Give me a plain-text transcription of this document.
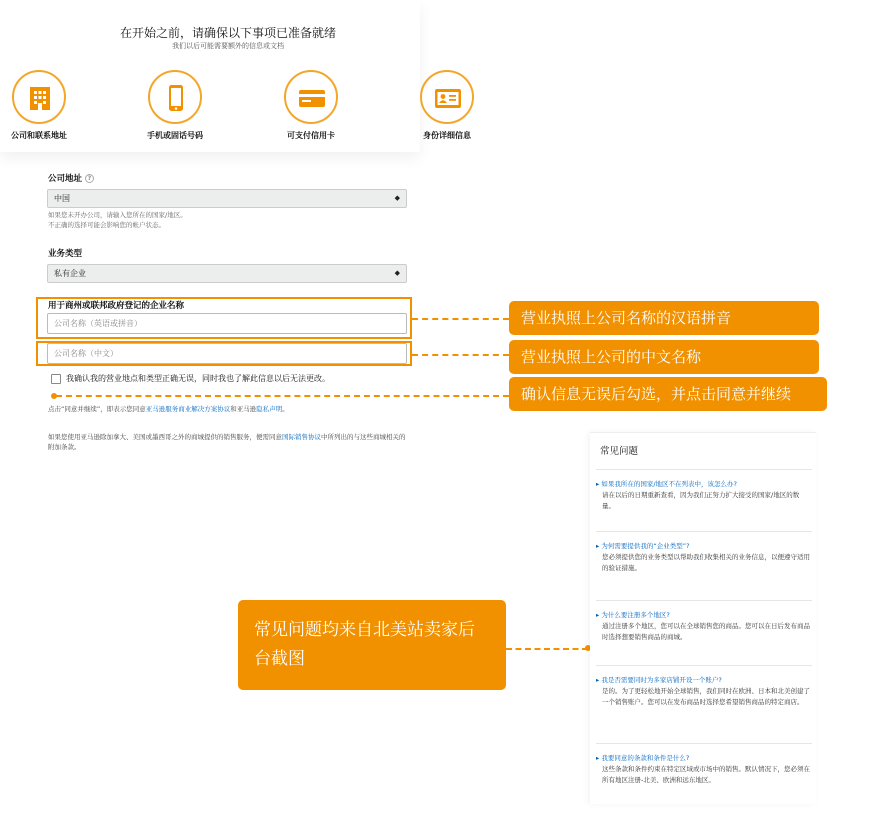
在开始之前，请确保以下事项已准备就绪
我们以后可能需要额外的信息或文档
公司和联系地址	手机或固话号码	可支付信用卡	身份详细信息
公司地址 ?
中国	◆
如果您未开办公司，请输入您所在的国家/地区。
不正确的选择可能会影响您的帐户状态。
业务类型
私有企业	◆
用于商州或联邦政府登记的企业名称
公司名称（英语或拼音）
公司名称（中文）
我确认我的营业地点和类型正确无误，同时我也了解此信息以后无法更改。
点击“同意并继续”，即表示您同意亚马逊服务商业解决方案协议和亚马逊隐私声明。
如果您使用亚马逊除加拿大、美国或墨西哥之外的商城提供的销售服务，便需同意国际销售协议中所列出的与这些商城相关的附加条款。
营业执照上公司名称的汉语拼音
营业执照上公司的中文名称
确认信息无误后勾选，并点击同意并继续
常见问题均来自北美站卖家后台截图
常见问题
▸ 如果我所在的国家/地区不在列表中，该怎么办?
请在以后的日期重新查看，因为我们正努力扩大接受的国家/地区的数量。
▸ 为何需要提供我的“企业类型”?
您必须提供您的业务类型以帮助我们收集相关的业务信息，以便遵守适用的验证措施。
▸ 为什么要注册多个地区?
通过注册多个地区，您可以在全球销售您的商品。您可以在日后发布商品时选择想要销售商品的商城。
▸ 我是否需要同时为多家店铺开设一个账户?
是的。为了更轻松地开始全球销售，我们同时在欧洲、日本和北美创建了一个销售账户。您可以在发布商品时选择您希望销售商品的特定商店。
▸ 我要同意的条款和条件是什么?
这些条款和条件约束在特定区域或市场中的销售。默认情况下，您必须在所有地区注册-北美、欧洲和远东地区。
